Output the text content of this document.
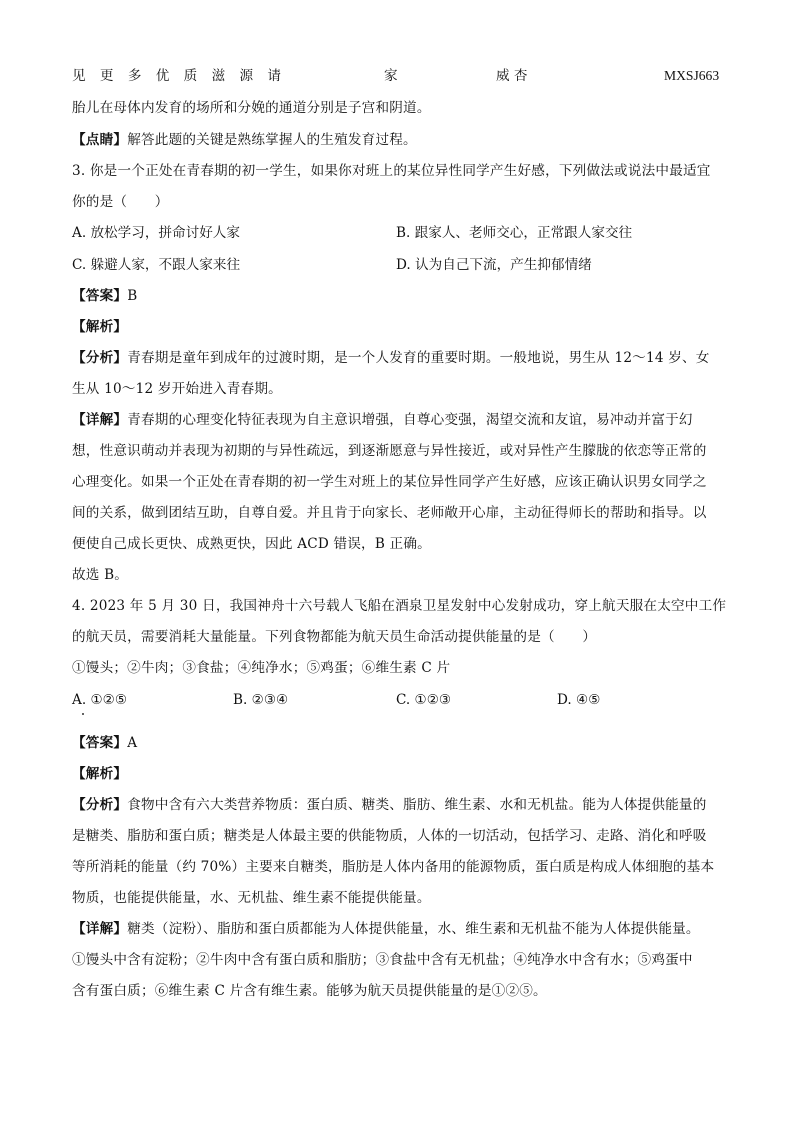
见 更 多 优 质 滋 源 请	家	威 杏	MXSJ663
胎儿在母体内发育的场所和分娩的通道分别是子宫和阴道。
【点睛】解答此题的关键是熟练掌握人的生殖发育过程。
3. 你是一个正处在青春期的初一学生，如果你对班上的某位异性同学产生好感，下列做法或说法中最适宜
你的是（　　）
A. 放松学习，拼命讨好人家	B. 跟家人、老师交心，正常跟人家交往
C. 躲避人家，不跟人家来往	D. 认为自己下流，产生抑郁情绪
【答案】B
【解析】
【分析】青春期是童年到成年的过渡时期，是一个人发育的重要时期。一般地说，男生从 12～14 岁、女
生从 10～12 岁开始进入青春期。
【详解】青春期的心理变化特征表现为自主意识增强，自尊心变强，渴望交流和友谊，易冲动并富于幻
想，性意识萌动并表现为初期的与异性疏远，到逐渐愿意与异性接近，或对异性产生朦胧的依恋等正常的
心理变化。如果一个正处在青春期的初一学生对班上的某位异性同学产生好感，应该正确认识男女同学之
间的关系，做到团结互助，自尊自爱。并且肯于向家长、老师敞开心扉，主动征得师长的帮助和指导。以
便使自己成长更快、成熟更快，因此 ACD 错误，B 正确。
故选 B。
4. 2023 年 5 月 30 日，我国神舟十六号载人飞船在酒泉卫星发射中心发射成功，穿上航天服在太空中工作
的航天员，需要消耗大量能量。下列食物都能为航天员生命活动提供能量的是（　　）
①馒头；②牛肉；③食盐；④纯净水；⑤鸡蛋；⑥维生素 C 片
A. ①②⑤	B. ②③④	C. ①②③	D. ④⑤
【答案】A
【解析】
【分析】食物中含有六大类营养物质：蛋白质、糖类、脂肪、维生素、水和无机盐。能为人体提供能量的
是糖类、脂肪和蛋白质；糖类是人体最主要的供能物质，人体的一切活动，包括学习、走路、消化和呼吸
等所消耗的能量（约 70%）主要来自糖类，脂肪是人体内备用的能源物质，蛋白质是构成人体细胞的基本
物质，也能提供能量，水、无机盐、维生素不能提供能量。
【详解】糖类（淀粉）、脂肪和蛋白质都能为人体提供能量，水、维生素和无机盐不能为人体提供能量。
①馒头中含有淀粉；②牛肉中含有蛋白质和脂肪；③食盐中含有无机盐；④纯净水中含有水；⑤鸡蛋中
含有蛋白质；⑥维生素 C 片含有维生素。能够为航天员提供能量的是①②⑤。
